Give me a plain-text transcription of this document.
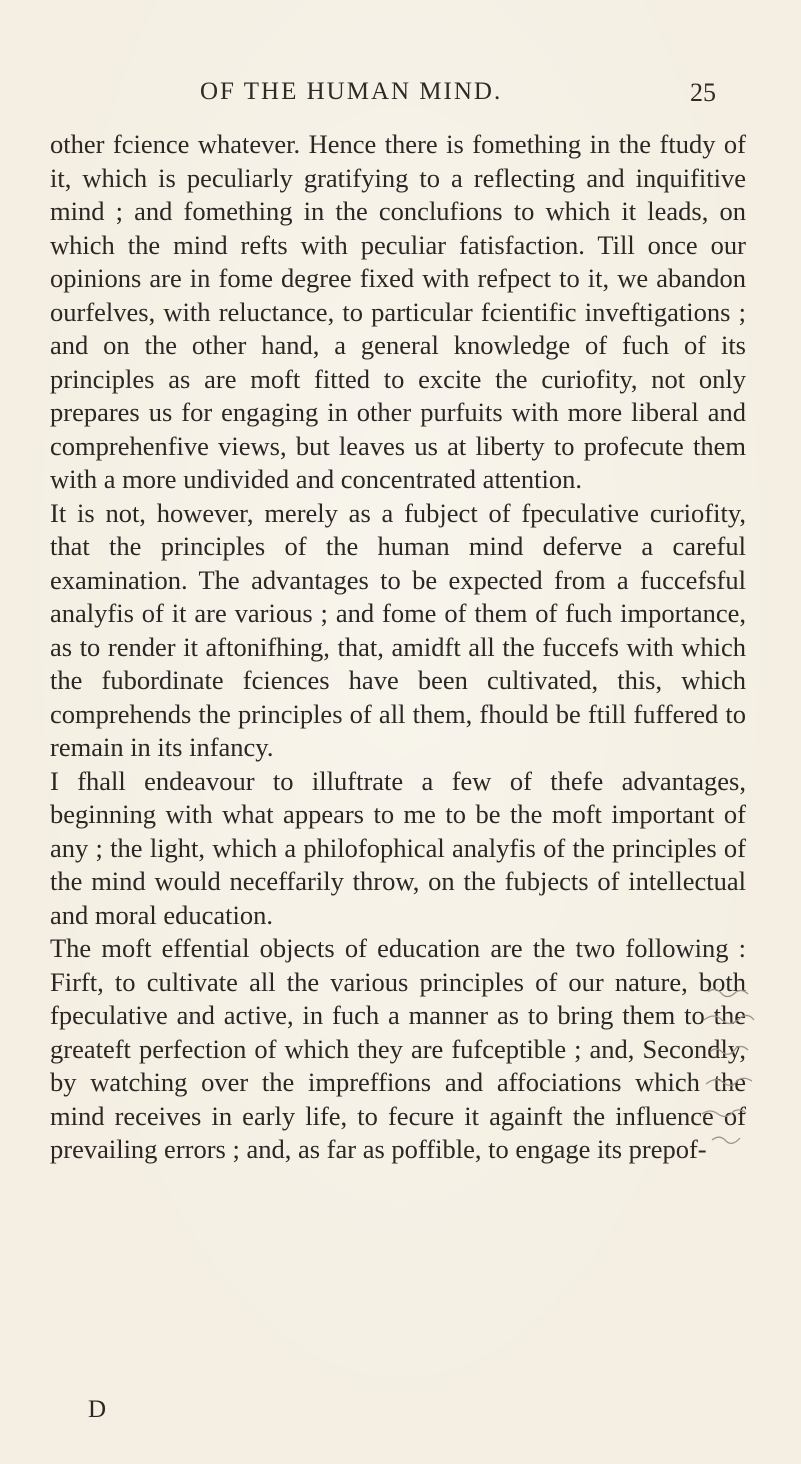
OF THE HUMAN MIND.	25

other fcience whatever. Hence there is fomething in the ftudy of it, which is peculiarly gratifying to a reflecting and inquifitive mind ; and fomething in the conclufions to which it leads, on which the mind refts with peculiar fatisfaction. Till once our opinions are in fome degree fixed with refpect to it, we abandon ourfelves, with reluctance, to particular fcientific inveftigations ; and on the other hand, a general knowledge of fuch of its principles as are moft fitted to excite the curiofity, not only prepares us for engaging in other purfuits with more liberal and comprehenfive views, but leaves us at liberty to profecute them with a more undivided and concentrated attention.

It is not, however, merely as a fubject of fpeculative curiofity, that the principles of the human mind deferve a careful examination. The advantages to be expected from a fuccefsful analyfis of it are various ; and fome of them of fuch importance, as to render it aftonifhing, that, amidft all the fuccefs with which the fubordinate fciences have been cultivated, this, which comprehends the principles of all them, fhould be ftill fuffered to remain in its infancy.

I fhall endeavour to illuftrate a few of thefe advantages, beginning with what appears to me to be the moft important of any ; the light, which a philofophical analyfis of the principles of the mind would neceffarily throw, on the fubjects of intellectual and moral education.

The moft effential objects of education are the two following : Firft, to cultivate all the various principles of our nature, both fpeculative and active, in fuch a manner as to bring them to the greateft perfection of which they are fufceptible ; and, Secondly, by watching over the impreffions and affociations which the mind receives in early life, to fecure it againft the influence of prevailing errors ; and, as far as poffible, to engage its prepof-

D
